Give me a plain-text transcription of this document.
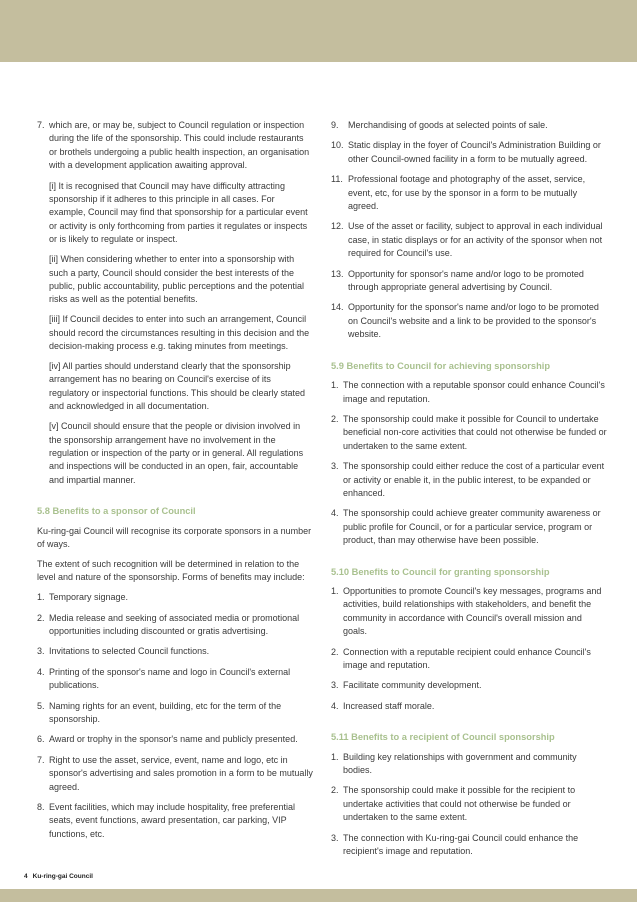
7. which are, or may be, subject to Council regulation or inspection during the life of the sponsorship. This could include restaurants or brothels undergoing a public health inspection, an organisation with a development application awaiting approval.

[i] It is recognised that Council may have difficulty attracting sponsorship if it adheres to this principle in all cases. For example, Council may find that sponsorship for a particular event or activity is only forthcoming from parties it regulates or inspects or is likely to regulate or inspect.

[ii] When considering whether to enter into a sponsorship with such a party, Council should consider the best interests of the public, public accountability, public perceptions and the potential risks as well as the potential benefits.

[iii] If Council decides to enter into such an arrangement, Council should record the circumstances resulting in this decision and the decision-making process e.g. taking minutes from meetings.

[iv] All parties should understand clearly that the sponsorship arrangement has no bearing on Council's exercise of its regulatory or inspectorial functions. This should be clearly stated and acknowledged in all documentation.

[v] Council should ensure that the people or division involved in the sponsorship arrangement have no involvement in the regulation or inspection of the party or in general. All regulations and inspections will be conducted in an open, fair, accountable and impartial manner.

5.8 Benefits to a sponsor of Council

Ku-ring-gai Council will recognise its corporate sponsors in a number of ways.

The extent of such recognition will be determined in relation to the level and nature of the sponsorship. Forms of benefits may include:

1. Temporary signage.
2. Media release and seeking of associated media or promotional opportunities including discounted or gratis advertising.
3. Invitations to selected Council functions.
4. Printing of the sponsor's name and logo in Council's external publications.
5. Naming rights for an event, building, etc for the term of the sponsorship.
6. Award or trophy in the sponsor's name and publicly presented.
7. Right to use the asset, service, event, name and logo, etc in sponsor's advertising and sales promotion in a form to be mutually agreed.
8. Event facilities, which may include hospitality, free preferential seats, event functions, award presentation, car parking, VIP functions, etc.
9. Merchandising of goods at selected points of sale.
10. Static display in the foyer of Council's Administration Building or other Council-owned facility in a form to be mutually agreed.
11. Professional footage and photography of the asset, service, event, etc, for use by the sponsor in a form to be mutually agreed.
12. Use of the asset or facility, subject to approval in each individual case, in static displays or for an activity of the sponsor when not required for Council's use.
13. Opportunity for sponsor's name and/or logo to be promoted through appropriate general advertising by Council.
14. Opportunity for the sponsor's name and/or logo to be promoted on Council's website and a link to be provided to the sponsor's website.
5.9 Benefits to Council for achieving sponsorship
1. The connection with a reputable sponsor could enhance Council's image and reputation.
2. The sponsorship could make it possible for Council to undertake beneficial non-core activities that could not otherwise be funded or undertaken to the same extent.
3. The sponsorship could either reduce the cost of a particular event or activity or enable it, in the public interest, to be expanded or enhanced.
4. The sponsorship could achieve greater community awareness or public profile for Council, or for a particular service, program or product, than may otherwise have been possible.
5.10 Benefits to Council for granting sponsorship
1. Opportunities to promote Council's key messages, programs and activities, build relationships with stakeholders, and benefit the community in accordance with Council's overall mission and goals.
2. Connection with a reputable recipient could enhance Council's image and reputation.
3. Facilitate community development.
4. Increased staff morale.
5.11 Benefits to a recipient of Council sponsorship
1. Building key relationships with government and community bodies.
2. The sponsorship could make it possible for the recipient to undertake activities that could not otherwise be funded or undertaken to the same extent.
3. The connection with Ku-ring-gai Council could enhance the recipient's image and reputation.
4 Ku-ring-gai Council
